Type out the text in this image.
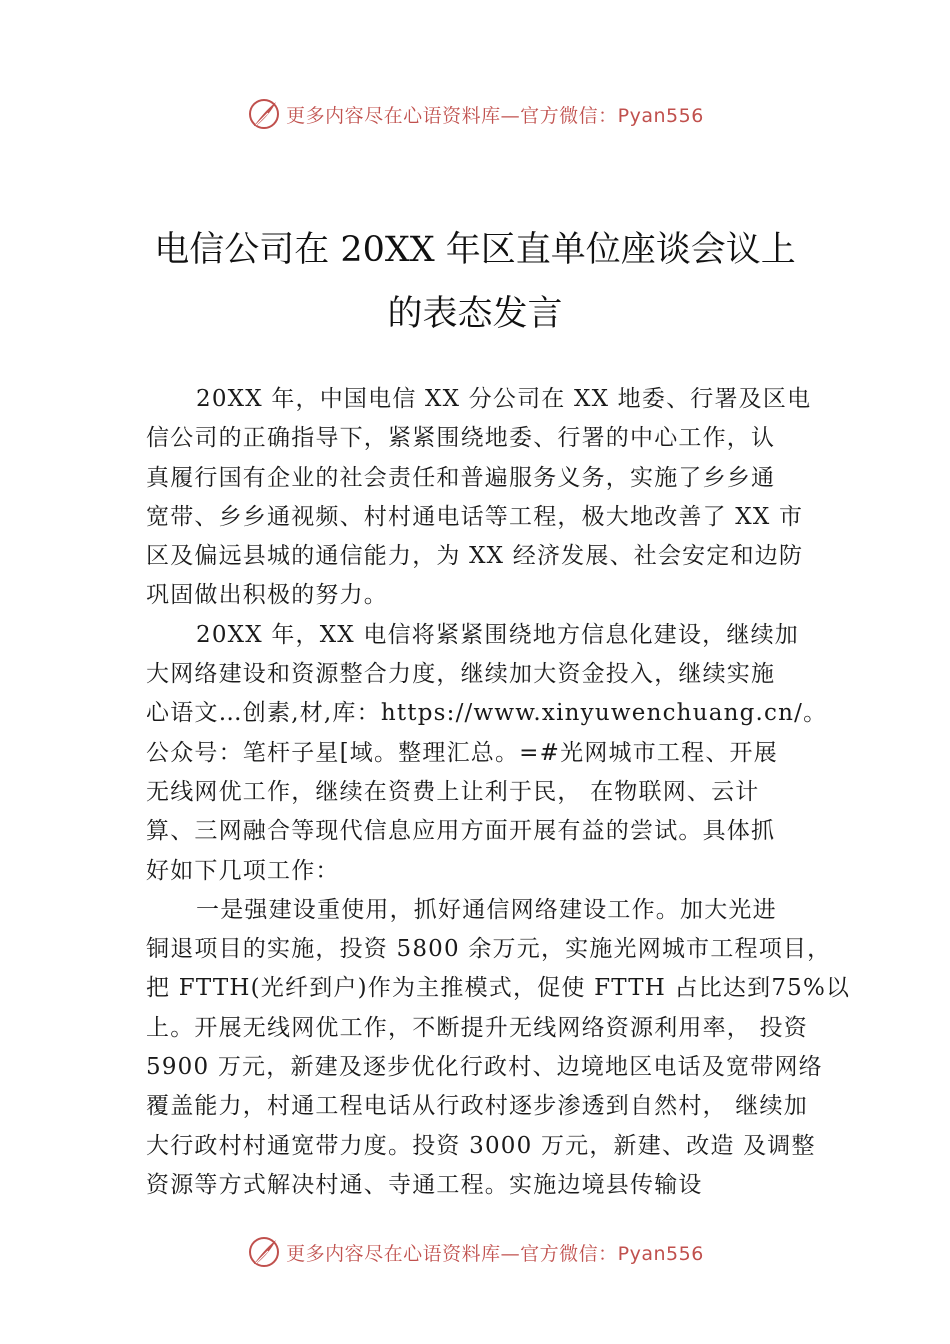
更多内容尽在心语资料库—官方微信：Pyan556
电信公司在 20XX 年区直单位座谈会议上
的表态发言
20XX 年，中国电信 XX 分公司在 XX 地委、行署及区电
信公司的正确指导下，紧紧围绕地委、行署的中心工作，认
真履行国有企业的社会责任和普遍服务义务，实施了乡乡通
宽带、乡乡通视频、村村通电话等工程，极大地改善了 XX 市
区及偏远县城的通信能力，为 XX 经济发展、社会安定和边防
巩固做出积极的努力。
20XX 年，XX 电信将紧紧围绕地方信息化建设，继续加
大网络建设和资源整合力度，继续加大资金投入，继续实施
心语文…创素,材,库：https://www.xinyuwenchuang.cn/。
公众号：笔杆子星[域。整理汇总。=#光网城市工程、开展
无线网优工作，继续在资费上让利于民， 在物联网、云计
算、三网融合等现代信息应用方面开展有益的尝试。具体抓
好如下几项工作：
一是强建设重使用，抓好通信网络建设工作。加大光进
铜退项目的实施，投资 5800 余万元，实施光网城市工程项目，
把 FTTH(光纤到户)作为主推模式，促使 FTTH 占比达到75%以
上。开展无线网优工作，不断提升无线网络资源利用率， 投资
5900 万元，新建及逐步优化行政村、边境地区电话及宽带网络
覆盖能力，村通工程电话从行政村逐步渗透到自然村， 继续加
大行政村村通宽带力度。投资 3000 万元，新建、改造 及调整
资源等方式解决村通、寺通工程。实施边境县传输设
更多内容尽在心语资料库—官方微信：Pyan556
